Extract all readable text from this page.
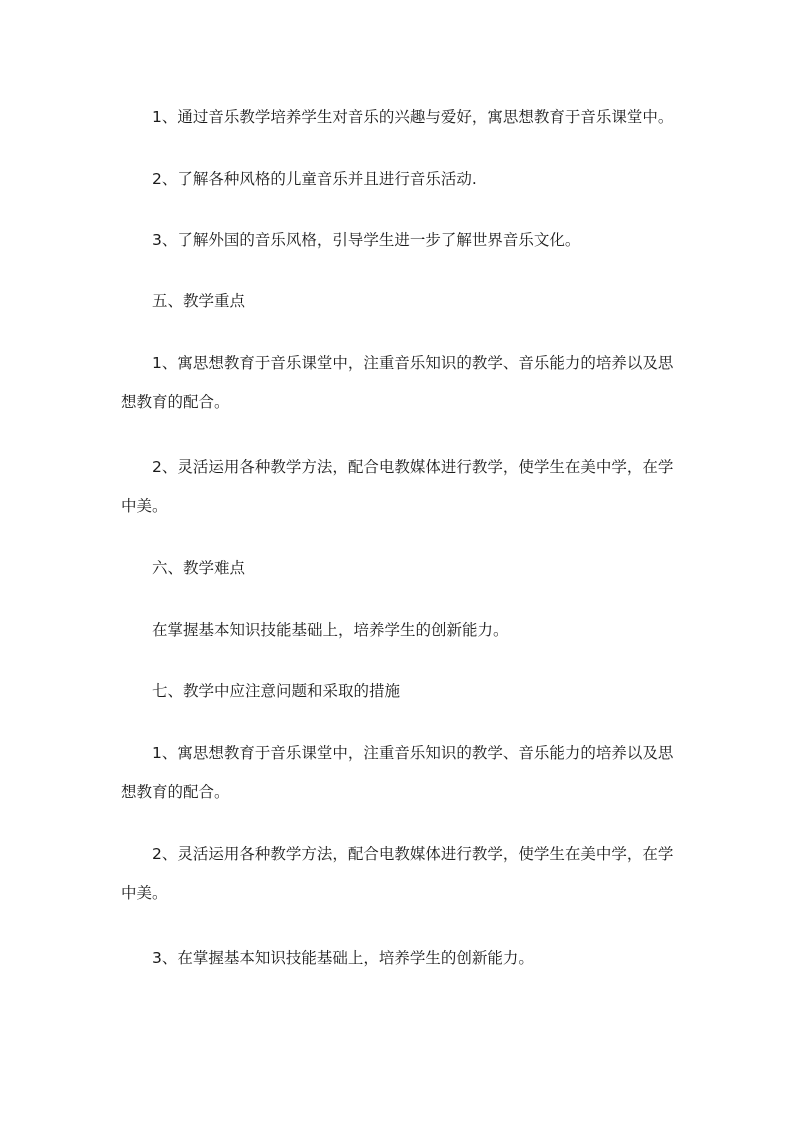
1、通过音乐教学培养学生对音乐的兴趣与爱好，寓思想教育于音乐课堂中。

2、了解各种风格的儿童音乐并且进行音乐活动.

3、了解外国的音乐风格，引导学生进一步了解世界音乐文化。

五、教学重点

1、寓思想教育于音乐课堂中，注重音乐知识的教学、音乐能力的培养以及思想教育的配合。

2、灵活运用各种教学方法，配合电教媒体进行教学，使学生在美中学，在学中美。

六、教学难点

在掌握基本知识技能基础上，培养学生的创新能力。

七、教学中应注意问题和采取的措施

1、寓思想教育于音乐课堂中，注重音乐知识的教学、音乐能力的培养以及思想教育的配合。

2、灵活运用各种教学方法，配合电教媒体进行教学，使学生在美中学，在学中美。

3、在掌握基本知识技能基础上，培养学生的创新能力。
